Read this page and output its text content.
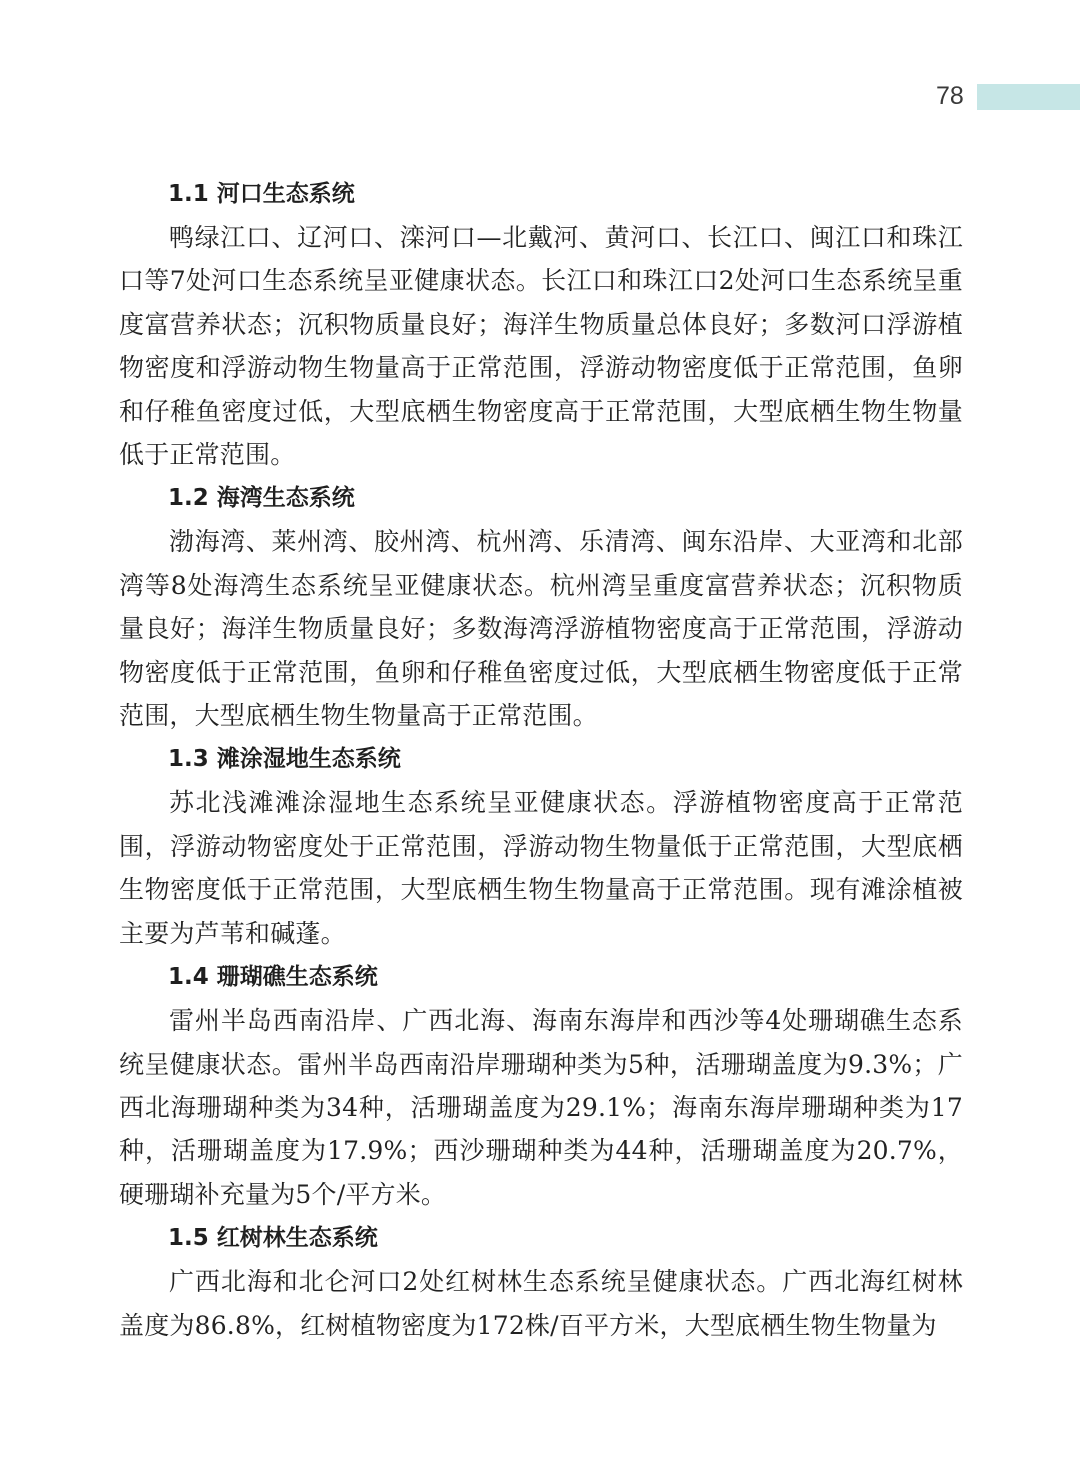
78
1.1 河口生态系统

鸭绿江口、辽河口、滦河口—北戴河、黄河口、长江口、闽江口和珠江口等7处河口生态系统呈亚健康状态。长江口和珠江口2处河口生态系统呈重度富营养状态；沉积物质量良好；海洋生物质量总体良好；多数河口浮游植物密度和浮游动物生物量高于正常范围，浮游动物密度低于正常范围，鱼卵和仔稚鱼密度过低，大型底栖生物密度高于正常范围，大型底栖生物生物量低于正常范围。

1.2 海湾生态系统

渤海湾、莱州湾、胶州湾、杭州湾、乐清湾、闽东沿岸、大亚湾和北部湾等8处海湾生态系统呈亚健康状态。杭州湾呈重度富营养状态；沉积物质量良好；海洋生物质量良好；多数海湾浮游植物密度高于正常范围，浮游动物密度低于正常范围，鱼卵和仔稚鱼密度过低，大型底栖生物密度低于正常范围，大型底栖生物生物量高于正常范围。

1.3 滩涂湿地生态系统

苏北浅滩滩涂湿地生态系统呈亚健康状态。浮游植物密度高于正常范围，浮游动物密度处于正常范围，浮游动物生物量低于正常范围，大型底栖生物密度低于正常范围，大型底栖生物生物量高于正常范围。现有滩涂植被主要为芦苇和碱蓬。

1.4 珊瑚礁生态系统

雷州半岛西南沿岸、广西北海、海南东海岸和西沙等4处珊瑚礁生态系统呈健康状态。雷州半岛西南沿岸珊瑚种类为5种，活珊瑚盖度为9.3%；广西北海珊瑚种类为34种，活珊瑚盖度为29.1%；海南东海岸珊瑚种类为17种，活珊瑚盖度为17.9%；西沙珊瑚种类为44种，活珊瑚盖度为20.7%，硬珊瑚补充量为5个/平方米。

1.5 红树林生态系统

广西北海和北仑河口2处红树林生态系统呈健康状态。广西北海红树林盖度为86.8%，红树植物密度为172株/百平方米，大型底栖生物生物量为
